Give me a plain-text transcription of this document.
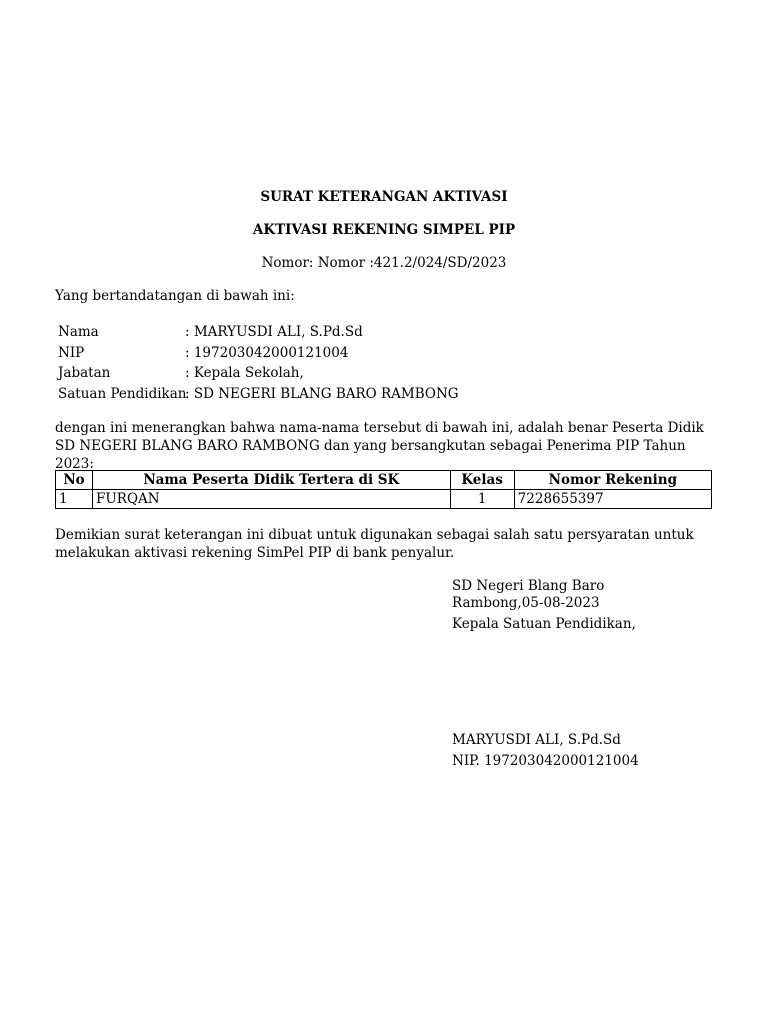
SURAT KETERANGAN AKTIVASI
AKTIVASI REKENING SIMPEL PIP
Nomor: Nomor :421.2/024/SD/2023
Yang bertandatangan di bawah ini:
Nama	: MARYUSDI ALI, S.Pd.Sd
NIP	: 197203042000121004
Jabatan	: Kepala Sekolah,
Satuan Pendidikan
: SD NEGERI BLANG BARO RAMBONG
dengan ini menerangkan bahwa nama-nama tersebut di bawah ini, adalah benar Peserta Didik SD NEGERI BLANG BARO RAMBONG dan yang bersangkutan sebagai Penerima PIP Tahun 2023:
No	Nama Peserta Didik Tertera di SK	Kelas	Nomor Rekening
1	FURQAN	1	7228655397
Demikian surat keterangan ini dibuat untuk digunakan sebagai salah satu persyaratan untuk melakukan aktivasi rekening SimPel PIP di bank penyalur.
SD Negeri Blang Baro
Rambong,05-08-2023
Kepala Satuan Pendidikan,
MARYUSDI ALI, S.Pd.Sd
NIP. 197203042000121004
